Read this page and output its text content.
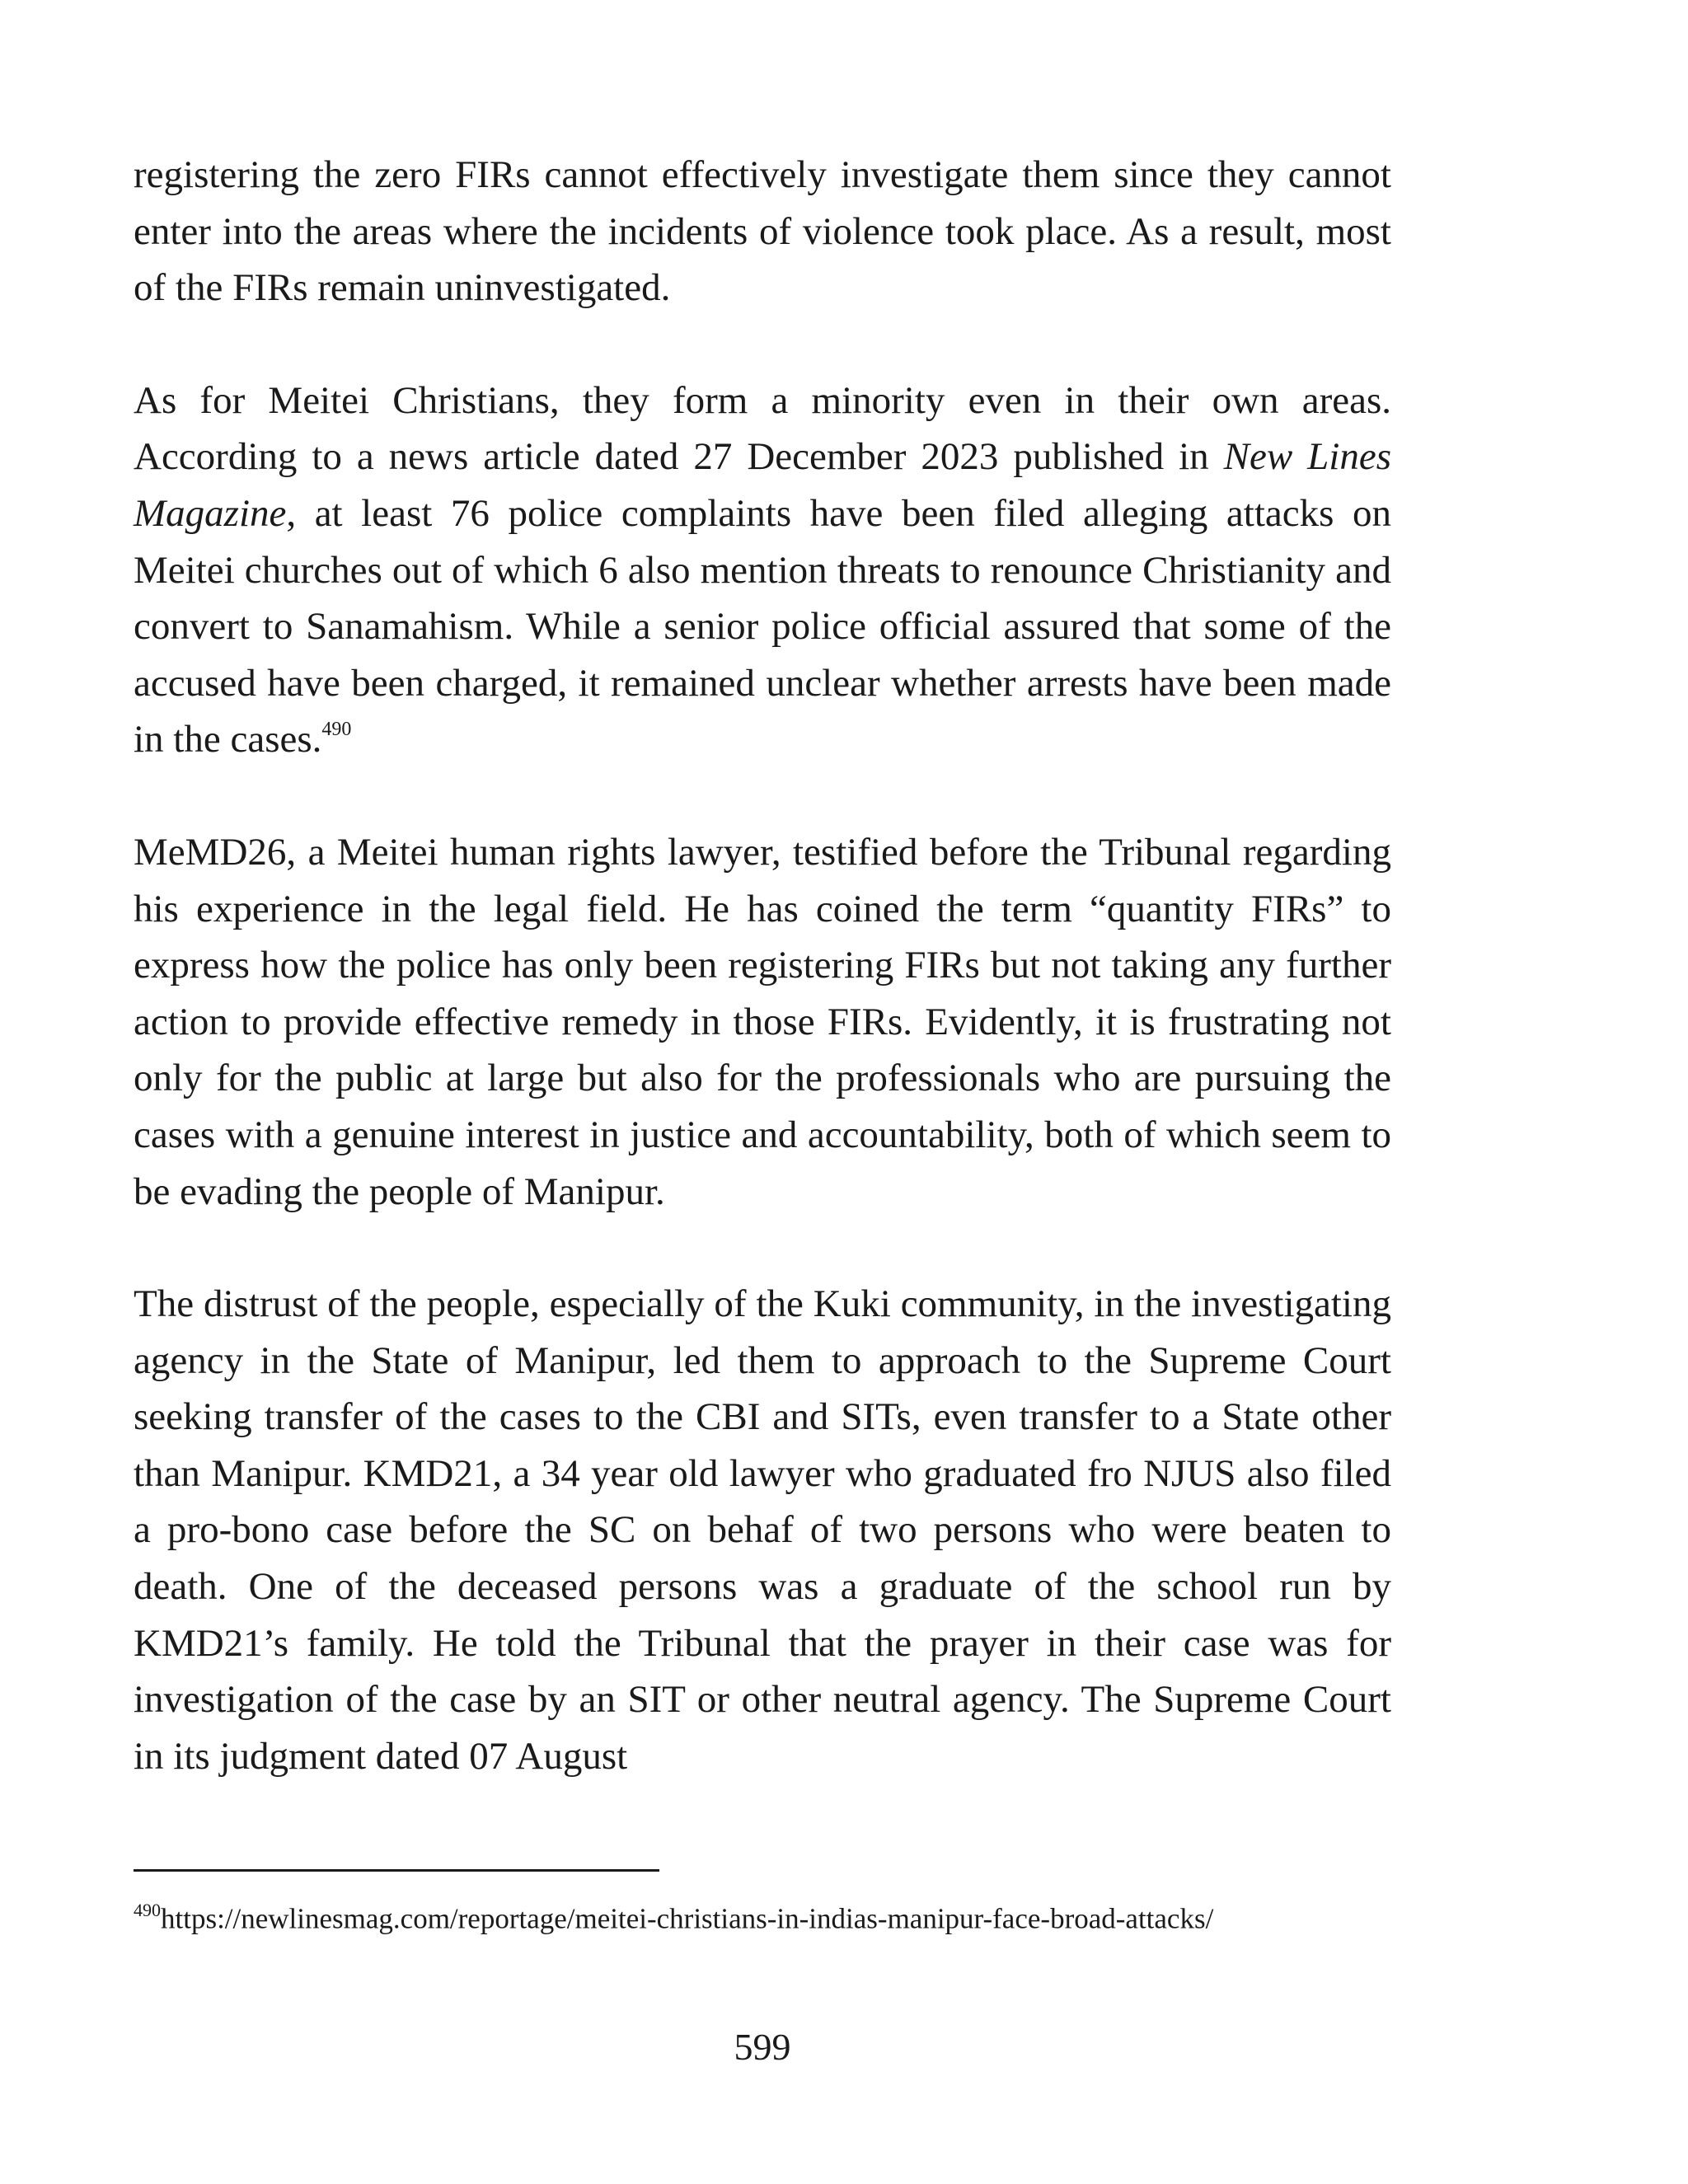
registering the zero FIRs cannot effectively investigate them since they cannot enter into the areas where the incidents of violence took place. As a result, most of the FIRs remain uninvestigated.

As for Meitei Christians, they form a minority even in their own areas. According to a news article dated 27 December 2023 published in New Lines Magazine, at least 76 police complaints have been filed alleging attacks on Meitei churches out of which 6 also mention threats to renounce Christianity and convert to Sanamahism. While a senior police official assured that some of the accused have been charged, it remained unclear whether arrests have been made in the cases.$^{490}$

MeMD26, a Meitei human rights lawyer, testified before the Tribunal regarding his experience in the legal field. He has coined the term “quantity FIRs” to express how the police has only been registering FIRs but not taking any further action to provide effective remedy in those FIRs. Evidently, it is frustrating not only for the public at large but also for the professionals who are pursuing the cases with a genuine interest in justice and accountability, both of which seem to be evading the people of Manipur.

The distrust of the people, especially of the Kuki community, in the investigating agency in the State of Manipur, led them to approach to the Supreme Court seeking transfer of the cases to the CBI and SITs, even transfer to a State other than Manipur. KMD21, a 34 year old lawyer who graduated fro NJUS also filed a pro-bono case before the SC on behaf of two persons who were beaten to death. One of the deceased persons was a graduate of the school run by KMD21’s family. He told the Tribunal that the prayer in their case was for investigation of the case by an SIT or other neutral agency. The Supreme Court in its judgment dated 07 August

$^{490}$https://newlinesmag.com/reportage/meitei-christians-in-indias-manipur-face-broad-attacks/
599
